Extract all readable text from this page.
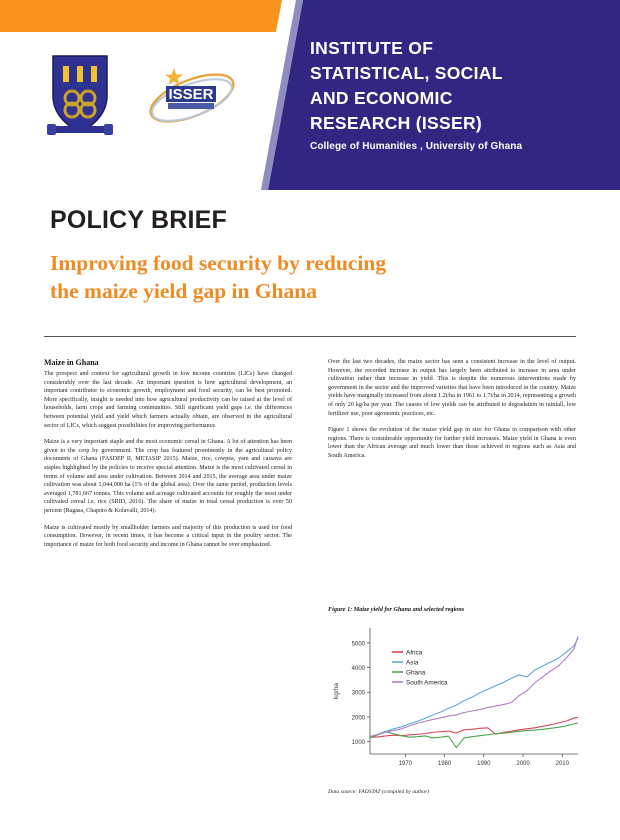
Vol. 8	October 2017
ISSER
INSTITUTE OF
STATISTICAL, SOCIAL
AND ECONOMIC
RESEARCH (ISSER)
College of Humanities , University of Ghana
POLICY BRIEF
Improving food security by reducing
the maize yield gap in Ghana
Maize in Ghana

The prospect and context for agricultural growth in low income countries (LICs) have changed considerably over the last decade. An important question is how agricultural development, an important contributor to economic growth, employment and food security, can be best promoted. More specifically, insight is needed into how agricultural productivity can be raised at the level of households, farm crops and farming communities. Still significant yield gaps i.e. the differences between potential yield and yield which farmers actually obtain, are observed in the agricultural sector of LICs, which suggest possibilities for improving performance.

Maize is a very important staple and the most economic cereal in Ghana. A lot of attention has been given to the crop by government. The crop has featured prominently in the agricultural policy documents of Ghana (FASDEP II, METASIP 2015). Maize, rice, cowpea, yam and cassava are staples highlighted by the policies to receive special attention. Maize is the most cultivated cereal in terms of volume and area under cultivation. Between 2014 and 2015, the average area under maize cultivation was about 1,044,000 ha (1% of the global area). Over the same period, production levels averaged 1,781,667 tonnes. This volume and acreage cultivated accounts for roughly the most under cultivated cereal i.e. rice (SRID, 2016). The share of maize in total cereal production is over 50 percent (Ragasa, Chapoto & Kolavalli, 2014).

Maize is cultivated mostly by smallholder farmers and majority of this production is used for food consumption. However, in recent times, it has become a critical input in the poultry sector. The importance of maize for both food security and income in Ghana cannot be over emphasized.

Over the last two decades, the maize sector has seen a consistent increase in the level of output. However, the recorded increase in output has largely been attributed to increase in area under cultivation rather than increase in yield. This is despite the numerous interventions made by government in the sector and the improved varieties that have been introduced in the country. Maize yields have marginally increased from about 1.2t/ha in 1961 to 1.7t/ha in 2014, representing a growth of only 20 kg/ha per year. The causes of low yields can be attributed to degradation in rainfall, low fertilizer use, poor agronomic practices, etc.

Figure 1 shows the evolution of the maize yield gap in size for Ghana in comparison with other regions. There is considerable opportunity for further yield increases. Maize yield in Ghana is even lower than the African average and much lower than those achieved in regions such as Asia and South America.

Figure 1: Maize yield for Ghana and selected regions
1000
2000
3000
4000
5000
1970	1980	1990	2000	2010
kg/ha
Africa
Asia
Ghana
South America
Data source: FAOSTAT (compiled by author)
